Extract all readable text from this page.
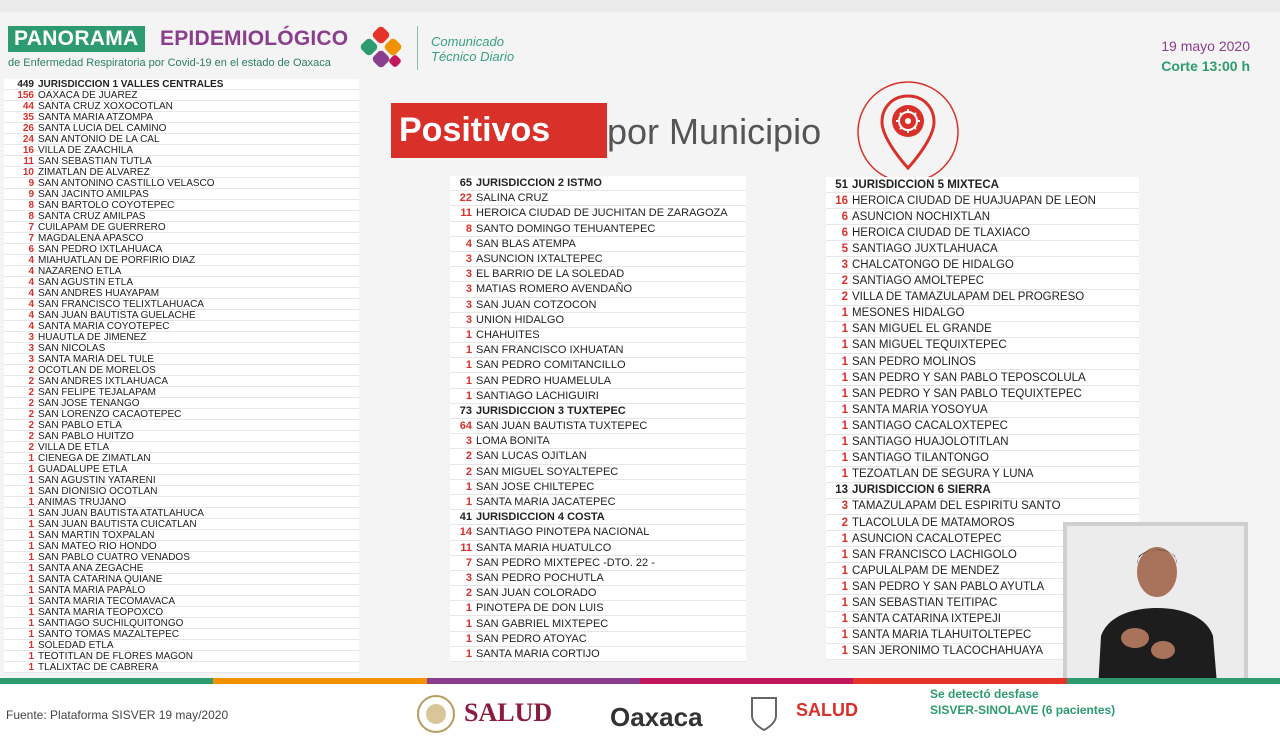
PANORAMA EPIDEMIOLÓGICO
de Enfermedad Respiratoria por Covid-19 en el estado de Oaxaca
Comunicado
Técnico Diario
19 mayo 2020
Corte 13:00 h
Positivos	por Municipio
449 JURISDICCION 1 VALLES CENTRALES
156 OAXACA DE JUAREZ
44 SANTA CRUZ XOXOCOTLAN
35 SANTA MARIA ATZOMPA
26 SANTA LUCIA DEL CAMINO
24 SAN ANTONIO DE LA CAL
16 VILLA DE ZAACHILA
11 SAN SEBASTIAN TUTLA
10 ZIMATLAN DE ALVAREZ
9 SAN ANTONINO CASTILLO VELASCO
9 SAN JACINTO AMILPAS
8 SAN BARTOLO COYOTEPEC
8 SANTA CRUZ AMILPAS
7 CUILAPAM DE GUERRERO
7 MAGDALENA APASCO
6 SAN PEDRO IXTLAHUACA
4 MIAHUATLAN DE PORFIRIO DIAZ
4 NAZARENO ETLA
4 SAN AGUSTIN ETLA
4 SAN ANDRES HUAYAPAM
4 SAN FRANCISCO TELIXTLAHUACA
4 SAN JUAN BAUTISTA GUELACHE
4 SANTA MARIA COYOTEPEC
3 HUAUTLA DE JIMENEZ
3 SAN NICOLAS
3 SANTA MARIA DEL TULE
2 OCOTLAN DE MORELOS
2 SAN ANDRES IXTLAHUACA
2 SAN FELIPE TEJALAPAM
2 SAN JOSE TENANGO
2 SAN LORENZO CACAOTEPEC
2 SAN PABLO ETLA
2 SAN PABLO HUITZO
2 VILLA DE ETLA
1 CIENEGA DE ZIMATLAN
1 GUADALUPE ETLA
1 SAN AGUSTIN YATARENI
1 SAN DIONISIO OCOTLAN
1 ANIMAS TRUJANO
1 SAN JUAN BAUTISTA ATATLAHUCA
1 SAN JUAN BAUTISTA CUICATLAN
1 SAN MARTIN TOXPALAN
1 SAN MATEO RIO HONDO
1 SAN PABLO CUATRO VENADOS
1 SANTA ANA ZEGACHE
1 SANTA CATARINA QUIANE
1 SANTA MARIA PAPALO
1 SANTA MARIA TECOMAVACA
1 SANTA MARIA TEOPOXCO
1 SANTIAGO SUCHILQUITONGO
1 SANTO TOMAS MAZALTEPEC
1 SOLEDAD ETLA
1 TEOTITLAN DE FLORES MAGON
1 TLALIXTAC DE CABRERA
65 JURISDICCION 2 ISTMO
22 SALINA CRUZ
11 HEROICA CIUDAD DE JUCHITAN DE ZARAGOZA
8 SANTO DOMINGO TEHUANTEPEC
4 SAN BLAS ATEMPA
3 ASUNCION IXTALTEPEC
3 EL BARRIO DE LA SOLEDAD
3 MATIAS ROMERO AVENDAÑO
3 SAN JUAN COTZOCON
3 UNION HIDALGO
1 CHAHUITES
1 SAN FRANCISCO IXHUATAN
1 SAN PEDRO COMITANCILLO
1 SAN PEDRO HUAMELULA
1 SANTIAGO LACHIGUIRI
73 JURISDICCION 3 TUXTEPEC
64 SAN JUAN BAUTISTA TUXTEPEC
3 LOMA BONITA
2 SAN LUCAS OJITLAN
2 SAN MIGUEL SOYALTEPEC
1 SAN JOSE CHILTEPEC
1 SANTA MARIA JACATEPEC
41 JURISDICCION 4 COSTA
14 SANTIAGO PINOTEPA NACIONAL
11 SANTA MARIA HUATULCO
7 SAN PEDRO MIXTEPEC -DTO. 22 -
3 SAN PEDRO POCHUTLA
2 SAN JUAN COLORADO
1 PINOTEPA DE DON LUIS
1 SAN GABRIEL MIXTEPEC
1 SAN PEDRO ATOYAC
1 SANTA MARIA CORTIJO
51 JURISDICCION 5 MIXTECA
16 HEROICA CIUDAD DE HUAJUAPAN DE LEON
6 ASUNCION NOCHIXTLAN
6 HEROICA CIUDAD DE TLAXIACO
5 SANTIAGO JUXTLAHUACA
3 CHALCATONGO DE HIDALGO
2 SANTIAGO AMOLTEPEC
2 VILLA DE TAMAZULAPAM DEL PROGRESO
1 MESONES HIDALGO
1 SAN MIGUEL EL GRANDE
1 SAN MIGUEL TEQUIXTEPEC
1 SAN PEDRO MOLINOS
1 SAN PEDRO Y SAN PABLO TEPOSCOLULA
1 SAN PEDRO Y SAN PABLO TEQUIXTEPEC
1 SANTA MARIA YOSOYUA
1 SANTIAGO CACALOXTEPEC
1 SANTIAGO HUAJOLOTITLAN
1 SANTIAGO TILANTONGO
1 TEZOATLAN DE SEGURA Y LUNA
13 JURISDICCION 6 SIERRA
3 TAMAZULAPAM DEL ESPIRITU SANTO
2 TLACOLULA DE MATAMOROS
1 ASUNCION CACALOTEPEC
1 SAN FRANCISCO LACHIGOLO
1 CAPULALPAM DE MENDEZ
1 SAN PEDRO Y SAN PABLO AYUTLA
1 SAN SEBASTIAN TEITIPAC
1 SANTA CATARINA IXTEPEJI
1 SANTA MARIA TLAHUITOLTEPEC
1 SAN JERONIMO TLACOCHAHUAYA
Fuente: Plataforma SISVER 19 may/2020	SALUD Oaxaca	SALUD
Se detectó desfase
SISVER-SINOLAVE (6 pacientes)
